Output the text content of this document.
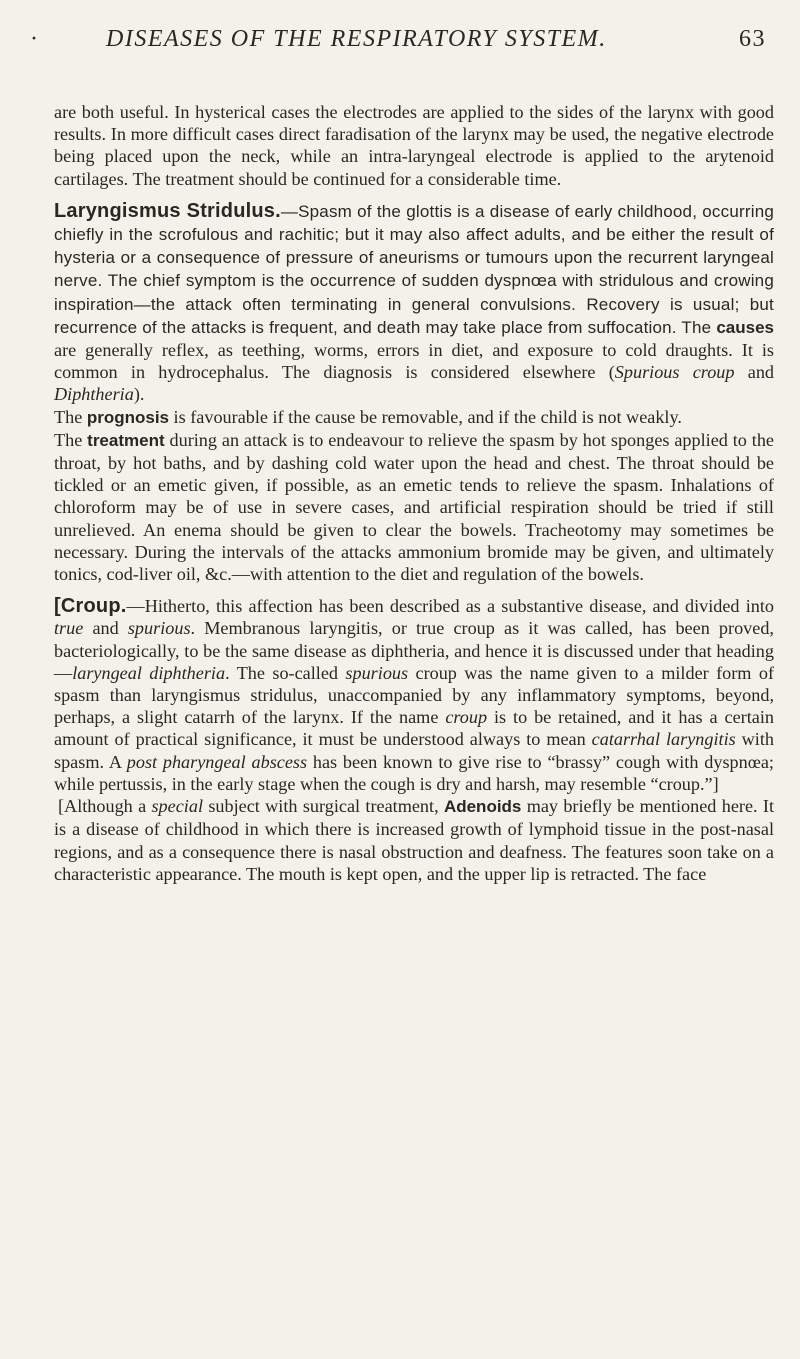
·	DISEASES OF THE RESPIRATORY SYSTEM.	63

are both useful. In hysterical cases the electrodes are applied to the sides of the larynx with good results. In more difficult cases direct faradisation of the larynx may be used, the negative electrode being placed upon the neck, while an intra-laryngeal electrode is applied to the arytenoid cartilages. The treatment should be continued for a considerable time.

Laryngismus Stridulus.—Spasm of the glottis is a disease of early childhood, occurring chiefly in the scrofulous and rachitic; but it may also affect adults, and be either the result of hysteria or a consequence of pressure of aneurisms or tumours upon the recurrent laryngeal nerve. The chief symptom is the occurrence of sudden dyspnœa with stridulous and crowing inspiration—the attack often terminating in general convulsions. Recovery is usual; but recurrence of the attacks is frequent, and death may take place from suffocation. The causes are generally reflex, as teething, worms, errors in diet, and exposure to cold draughts. It is common in hydrocephalus. The diagnosis is considered elsewhere (Spurious croup and Diphtheria).

The prognosis is favourable if the cause be removable, and if the child is not weakly.

The treatment during an attack is to endeavour to relieve the spasm by hot sponges applied to the throat, by hot baths, and by dashing cold water upon the head and chest. The throat should be tickled or an emetic given, if possible, as an emetic tends to relieve the spasm. Inhalations of chloroform may be of use in severe cases, and artificial respiration should be tried if still unrelieved. An enema should be given to clear the bowels. Tracheotomy may sometimes be necessary. During the intervals of the attacks ammonium bromide may be given, and ultimately tonics, cod-liver oil, &c.—with attention to the diet and regulation of the bowels.

[Croup.—Hitherto, this affection has been described as a substantive disease, and divided into true and spurious. Membranous laryngitis, or true croup as it was called, has been proved, bacteriologically, to be the same disease as diphtheria, and hence it is discussed under that heading—laryngeal diphtheria. The so-called spurious croup was the name given to a milder form of spasm than laryngismus stridulus, unaccompanied by any inflammatory symptoms, beyond, perhaps, a slight catarrh of the larynx. If the name croup is to be retained, and it has a certain amount of practical significance, it must be understood always to mean catarrhal laryngitis with spasm. A post pharyngeal abscess has been known to give rise to “brassy” cough with dyspnœa; while pertussis, in the early stage when the cough is dry and harsh, may resemble “croup.”]

[Although a special subject with surgical treatment, Adenoids may briefly be mentioned here. It is a disease of childhood in which there is increased growth of lymphoid tissue in the post-nasal regions, and as a consequence there is nasal obstruction and deafness. The features soon take on a characteristic appearance. The mouth is kept open, and the upper lip is retracted. The face
